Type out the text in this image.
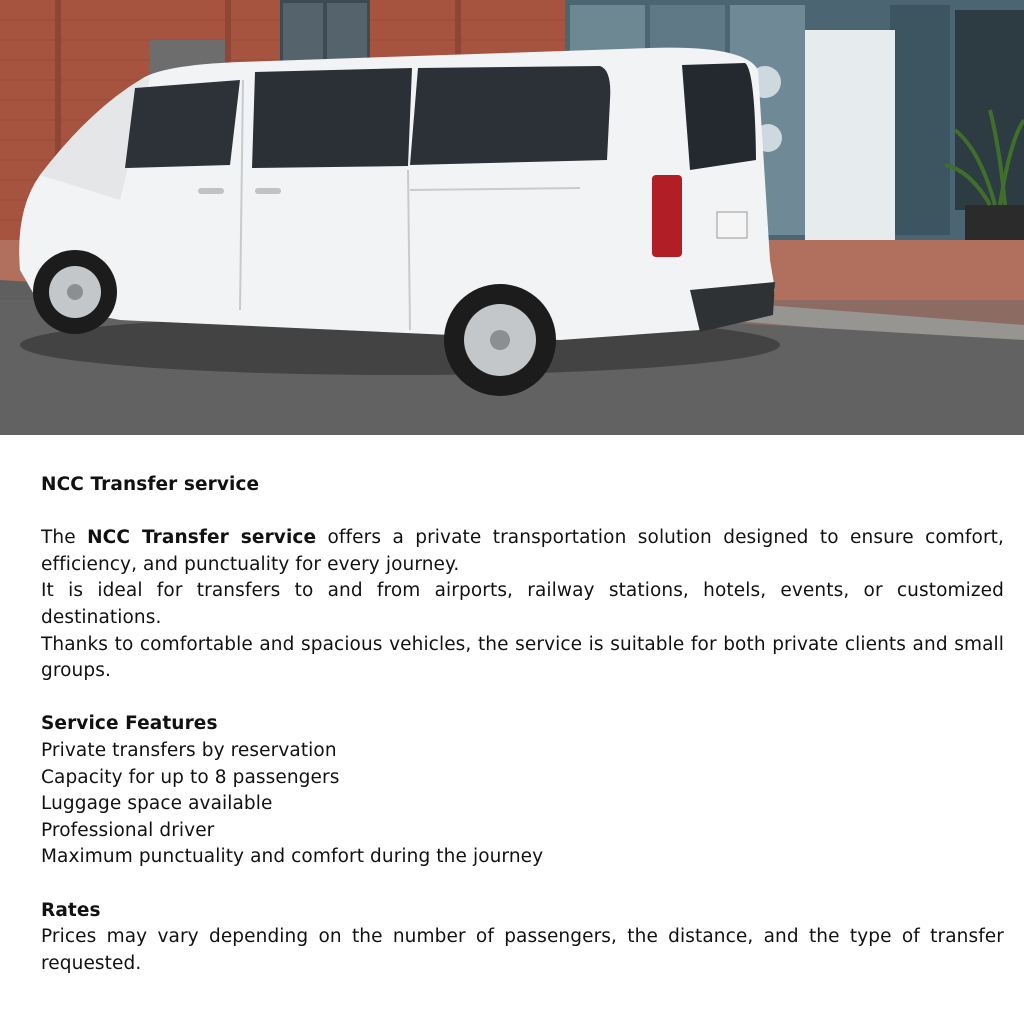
NCC Transfer service

The NCC Transfer service offers a private transportation solution designed to ensure comfort, efficiency, and punctuality for every journey.

It is ideal for transfers to and from airports, railway stations, hotels, events, or customized destinations.

Thanks to comfortable and spacious vehicles, the service is suitable for both private clients and small groups.

Service Features

Private transfers by reservation
Capacity for up to 8 passengers
Luggage space available
Professional driver
Maximum punctuality and comfort during the journey

Rates

Prices may vary depending on the number of passengers, the distance, and the type of transfer requested.
